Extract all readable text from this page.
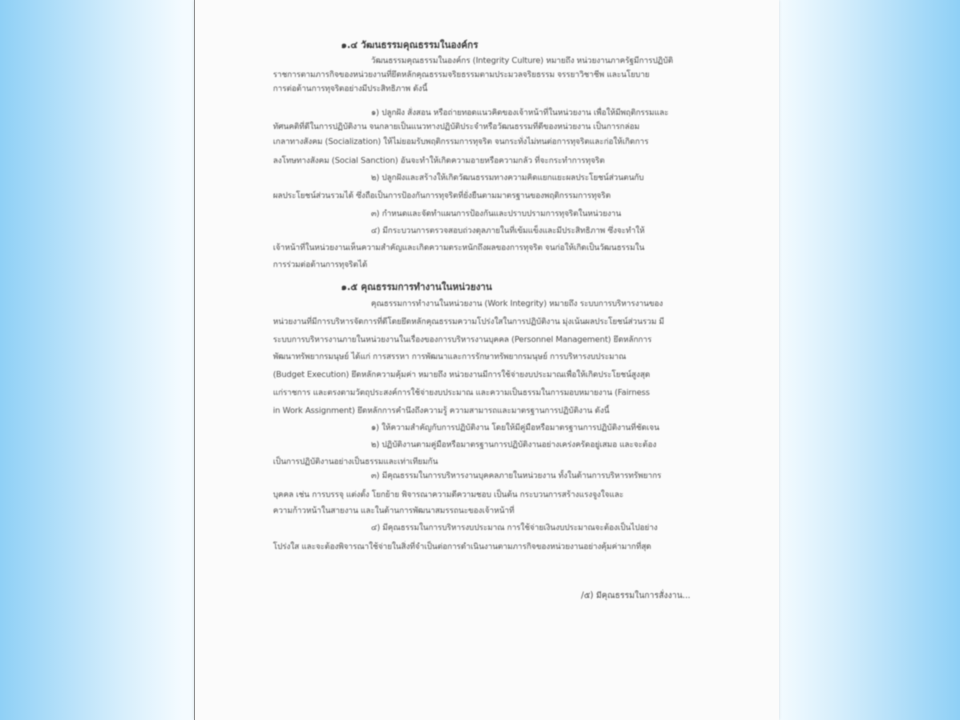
๑.๔ วัฒนธรรมคุณธรรมในองค์กร
วัฒนธรรมคุณธรรมในองค์กร (Integrity Culture) หมายถึง หน่วยงานภาครัฐมีการปฏิบัติ
ราชการตามภารกิจของหน่วยงานที่ยึดหลักคุณธรรมจริยธรรมตามประมวลจริยธรรม จรรยาวิชาชีพ และนโยบาย
การต่อต้านการทุจริตอย่างมีประสิทธิภาพ ดังนี้
๑) ปลูกฝัง สั่งสอน หรือถ่ายทอดแนวคิดของเจ้าหน้าที่ในหน่วยงาน เพื่อให้มีพฤติกรรมและ
ทัศนคติที่ดีในการปฏิบัติงาน จนกลายเป็นแนวทางปฏิบัติประจำหรือวัฒนธรรมที่ดีของหน่วยงาน เป็นการกล่อม
เกลาทางสังคม (Socialization) ให้ไม่ยอมรับพฤติกรรมการทุจริต จนกระทั่งไม่ทนต่อการทุจริตและก่อให้เกิดการ
ลงโทษทางสังคม (Social Sanction) อันจะทำให้เกิดความอายหรือความกลัว ที่จะกระทำการทุจริต
๒) ปลูกฝังและสร้างให้เกิดวัฒนธรรมทางความคิดแยกแยะผลประโยชน์ส่วนตนกับ
ผลประโยชน์ส่วนรวมได้ ซึ่งถือเป็นการป้องกันการทุจริตที่ยั่งยืนตามมาตรฐานของพฤติกรรมการทุจริต
๓) กำหนดและจัดทำแผนการป้องกันและปราบปรามการทุจริตในหน่วยงาน
๔) มีกระบวนการตรวจสอบถ่วงดุลภายในที่เข้มแข็งและมีประสิทธิภาพ ซึ่งจะทำให้
เจ้าหน้าที่ในหน่วยงานเห็นความสำคัญและเกิดความตระหนักถึงผลของการทุจริต จนก่อให้เกิดเป็นวัฒนธรรมใน
การร่วมต่อต้านการทุจริตได้
๑.๕ คุณธรรมการทำงานในหน่วยงาน
คุณธรรมการทำงานในหน่วยงาน (Work Integrity) หมายถึง ระบบการบริหารงานของ
หน่วยงานที่มีการบริหารจัดการที่ดีโดยยึดหลักคุณธรรมความโปร่งใสในการปฏิบัติงาน มุ่งเน้นผลประโยชน์ส่วนรวม มี
ระบบการบริหารงานภายในหน่วยงานในเรื่องของการบริหารงานบุคคล (Personnel Management) ยึดหลักการ
พัฒนาทรัพยากรมนุษย์ ได้แก่ การสรรหา การพัฒนาและการรักษาทรัพยากรมนุษย์ การบริหารงบประมาณ
(Budget Execution) ยึดหลักความคุ้มค่า หมายถึง หน่วยงานมีการใช้จ่ายงบประมาณเพื่อให้เกิดประโยชน์สูงสุด
แก่ราชการ และตรงตามวัตถุประสงค์การใช้จ่ายงบประมาณ และความเป็นธรรมในการมอบหมายงาน (Fairness
in Work Assignment) ยึดหลักการคำนึงถึงความรู้ ความสามารถและมาตรฐานการปฏิบัติงาน ดังนี้
๑) ให้ความสำคัญกับการปฏิบัติงาน โดยให้มีคู่มือหรือมาตรฐานการปฏิบัติงานที่ชัดเจน
๒) ปฏิบัติงานตามคู่มือหรือมาตรฐานการปฏิบัติงานอย่างเคร่งครัดอยู่เสมอ และจะต้อง
เป็นการปฏิบัติงานอย่างเป็นธรรมและเท่าเทียมกัน
๓) มีคุณธรรมในการบริหารงานบุคคลภายในหน่วยงาน ทั้งในด้านการบริหารทรัพยากร
บุคคล เช่น การบรรจุ แต่งตั้ง โยกย้าย พิจารณาความดีความชอบ เป็นต้น กระบวนการสร้างแรงจูงใจและ
ความก้าวหน้าในสายงาน และในด้านการพัฒนาสมรรถนะของเจ้าหน้าที่
๔) มีคุณธรรมในการบริหารงบประมาณ การใช้จ่ายเงินงบประมาณจะต้องเป็นไปอย่าง
โปร่งใส และจะต้องพิจารณาใช้จ่ายในสิ่งที่จำเป็นต่อการดำเนินงานตามภารกิจของหน่วยงานอย่างคุ้มค่ามากที่สุด
/๕) มีคุณธรรมในการสั่งงาน...
